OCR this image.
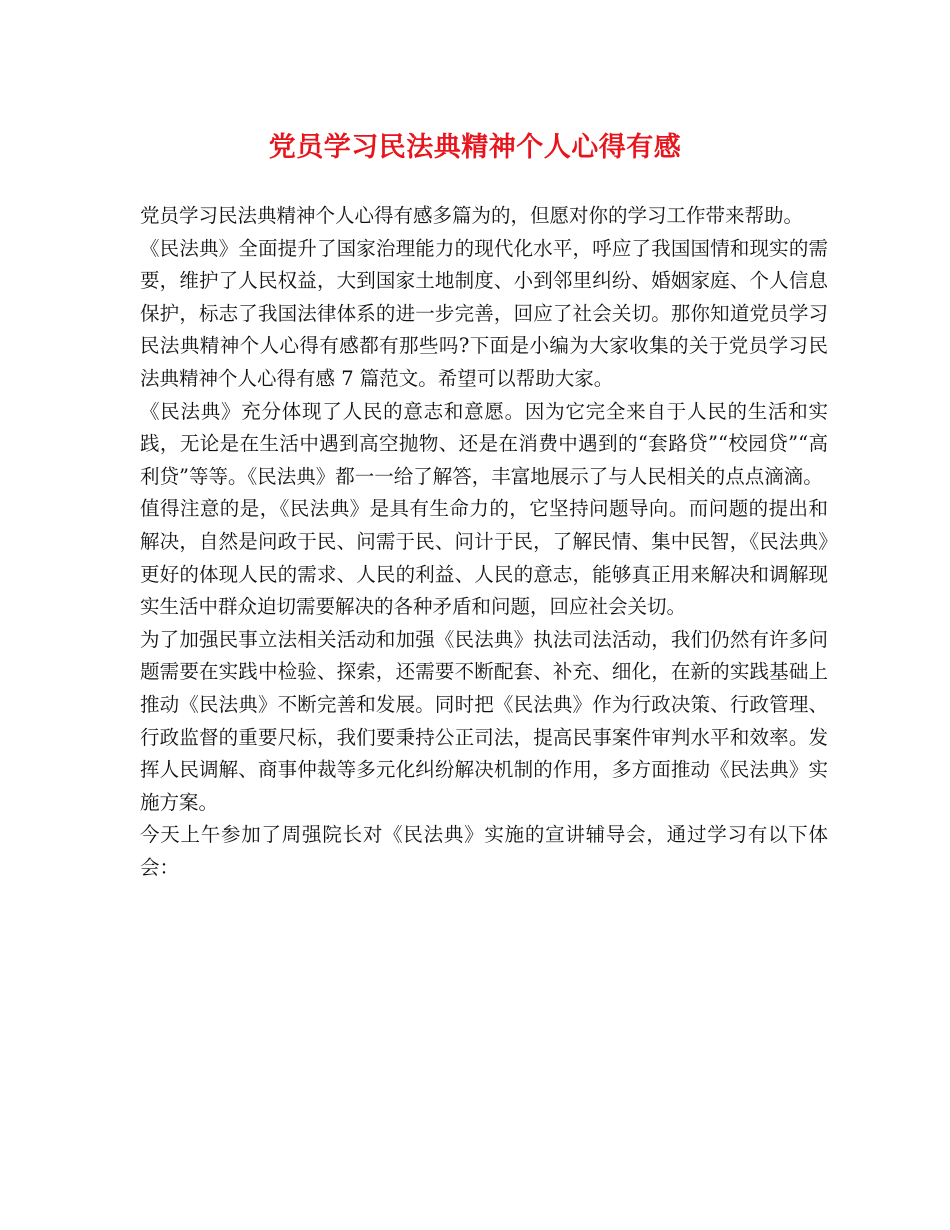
党员学习民法典精神个人心得有感

党员学习民法典精神个人心得有感多篇为的，但愿对你的学习工作带来帮助。

《民法典》全面提升了国家治理能力的现代化水平，呼应了我国国情和现实的需要，维护了人民权益，大到国家土地制度、小到邻里纠纷、婚姻家庭、个人信息保护，标志了我国法律体系的进一步完善，回应了社会关切。那你知道党员学习民法典精神个人心得有感都有那些吗?下面是小编为大家收集的关于党员学习民法典精神个人心得有感 7 篇范文。希望可以帮助大家。

《民法典》充分体现了人民的意志和意愿。因为它完全来自于人民的生活和实践，无论是在生活中遇到高空抛物、还是在消费中遇到的“套路贷”“校园贷”“高利贷”等等。《民法典》都一一给了解答，丰富地展示了与人民相关的点点滴滴。

值得注意的是，《民法典》是具有生命力的，它坚持问题导向。而问题的提出和解决，自然是问政于民、问需于民、问计于民，了解民情、集中民智，《民法典》更好的体现人民的需求、人民的利益、人民的意志，能够真正用来解决和调解现实生活中群众迫切需要解决的各种矛盾和问题，回应社会关切。

为了加强民事立法相关活动和加强《民法典》执法司法活动，我们仍然有许多问题需要在实践中检验、探索，还需要不断配套、补充、细化，在新的实践基础上推动《民法典》不断完善和发展。同时把《民法典》作为行政决策、行政管理、行政监督的重要尺标，我们要秉持公正司法，提高民事案件审判水平和效率。发挥人民调解、商事仲裁等多元化纠纷解决机制的作用，多方面推动《民法典》实施方案。

今天上午参加了周强院长对《民法典》实施的宣讲辅导会，通过学习有以下体会：
